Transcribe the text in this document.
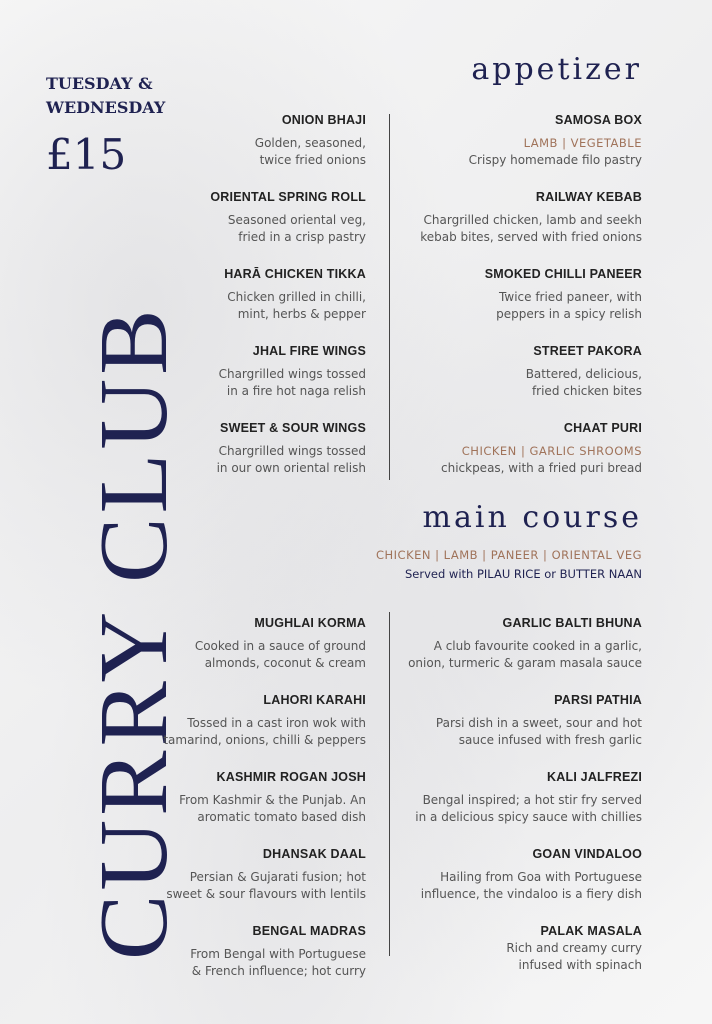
TUESDAY & WEDNESDAY
£15
CURRY CLUB
appetizer
ONION BHAJI
Golden, seasoned,
twice fried onions
ORIENTAL SPRING ROLL
Seasoned oriental veg,
fried in a crisp pastry
HARĀ CHICKEN TIKKA
Chicken grilled in chilli,
mint, herbs & pepper
JHAL FIRE WINGS
Chargrilled wings tossed
in a fire hot naga relish
SWEET & SOUR WINGS
Chargrilled wings tossed
in our own oriental relish
SAMOSA BOX
LAMB | VEGETABLE
Crispy homemade filo pastry
RAILWAY KEBAB
Chargrilled chicken, lamb and seekh
kebab bites, served with fried onions
SMOKED CHILLI PANEER
Twice fried paneer, with
peppers in a spicy relish
STREET PAKORA
Battered, delicious,
fried chicken bites
CHAAT PURI
CHICKEN | GARLIC SHROOMS
chickpeas, with a fried puri bread
main course
CHICKEN | LAMB | PANEER | ORIENTAL VEG
Served with PILAU RICE or BUTTER NAAN
MUGHLAI KORMA
Cooked in a sauce of ground
almonds, coconut & cream
LAHORI KARAHI
Tossed in a cast iron wok with
tamarind, onions, chilli & peppers
KASHMIR ROGAN JOSH
From Kashmir & the Punjab. An
aromatic tomato based dish
DHANSAK DAAL
Persian & Gujarati fusion; hot
sweet & sour flavours with lentils
BENGAL MADRAS
From Bengal with Portuguese
& French influence; hot curry
GARLIC BALTI BHUNA
A club favourite cooked in a garlic,
onion, turmeric & garam masala sauce
PARSI PATHIA
Parsi dish in a sweet, sour and hot
sauce infused with fresh garlic
KALI JALFREZI
Bengal inspired; a hot stir fry served
in a delicious spicy sauce with chillies
GOAN VINDALOO
Hailing from Goa with Portuguese
influence, the vindaloo is a fiery dish
PALAK MASALA
Rich and creamy curry
infused with spinach
